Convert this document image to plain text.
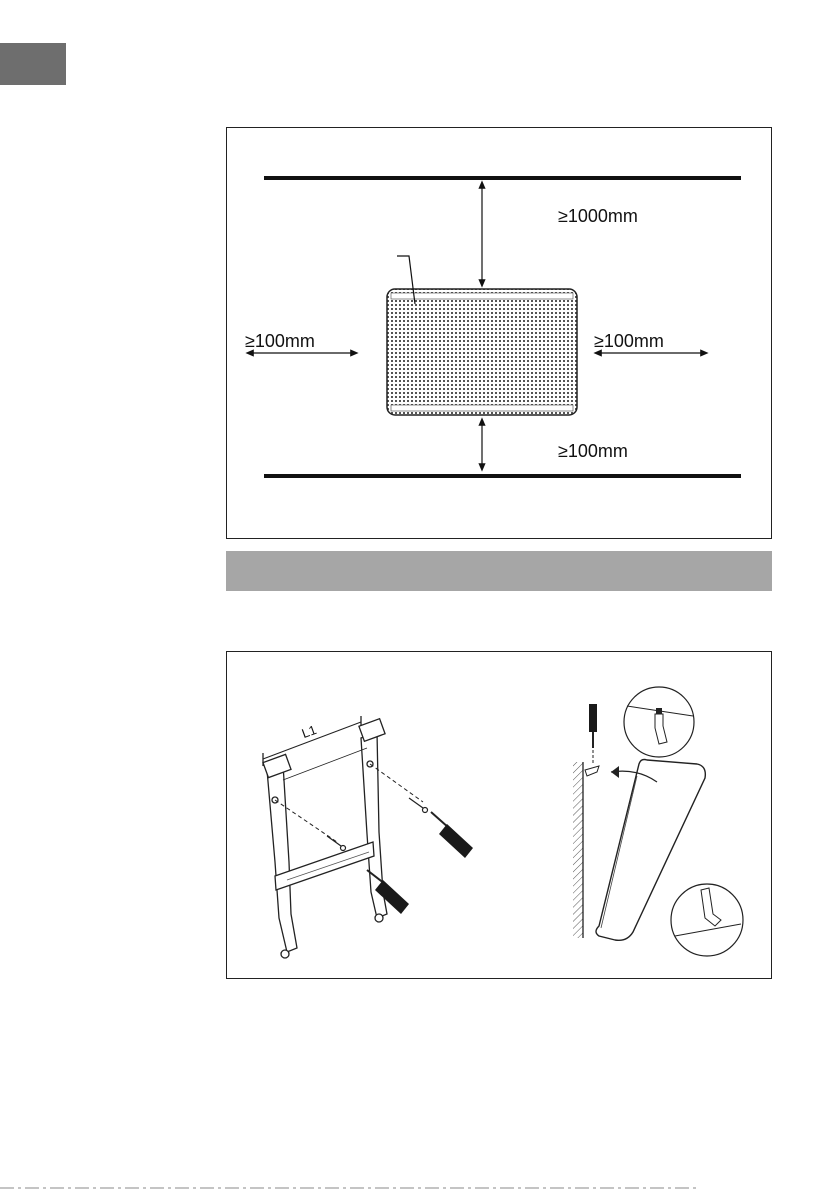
≥1000mm
≥100mm	≥100mm
≥100mm
L1
